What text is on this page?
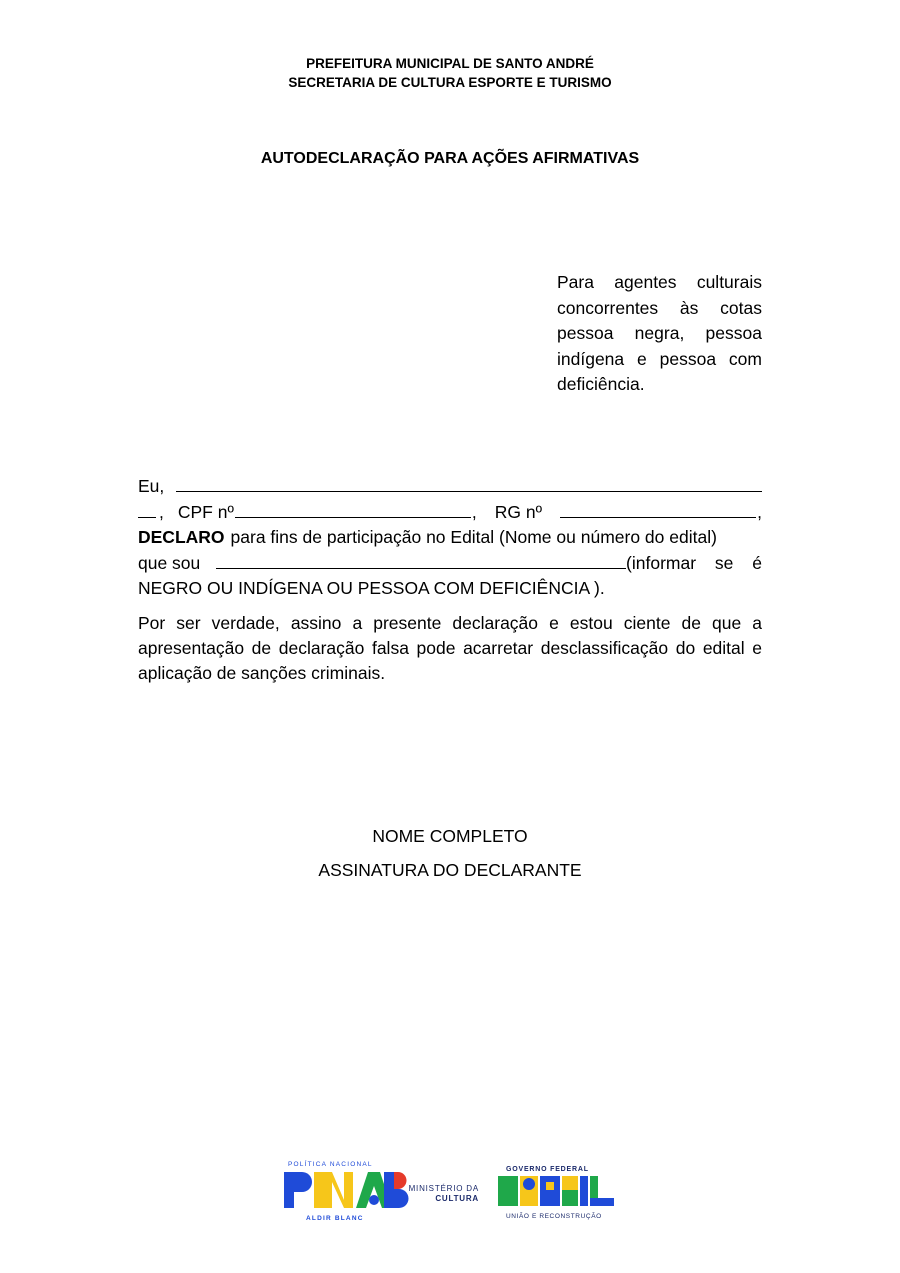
PREFEITURA MUNICIPAL DE SANTO ANDRÉ
SECRETARIA DE CULTURA ESPORTE E TURISMO
AUTODECLARAÇÃO PARA AÇÕES AFIRMATIVAS
Para agentes culturais concorrentes às cotas pessoa negra, pessoa indígena e pessoa com deficiência.
Eu,
, CPF nº	, RG nº	,
DECLARO para fins de participação no Edital (Nome ou número do edital)
que sou	(informar se é
NEGRO OU INDÍGENA OU PESSOA COM DEFICIÊNCIA ).
Por ser verdade, assino a presente declaração e estou ciente de que a apresentação de declaração falsa pode acarretar desclassificação do edital e aplicação de sanções criminais.
NOME COMPLETO
ASSINATURA DO DECLARANTE
POLÍTICA NACIONAL
ALDIR BLANC
MINISTÉRIO DA
CULTURA
GOVERNO FEDERAL
UNIÃO E RECONSTRUÇÃO
